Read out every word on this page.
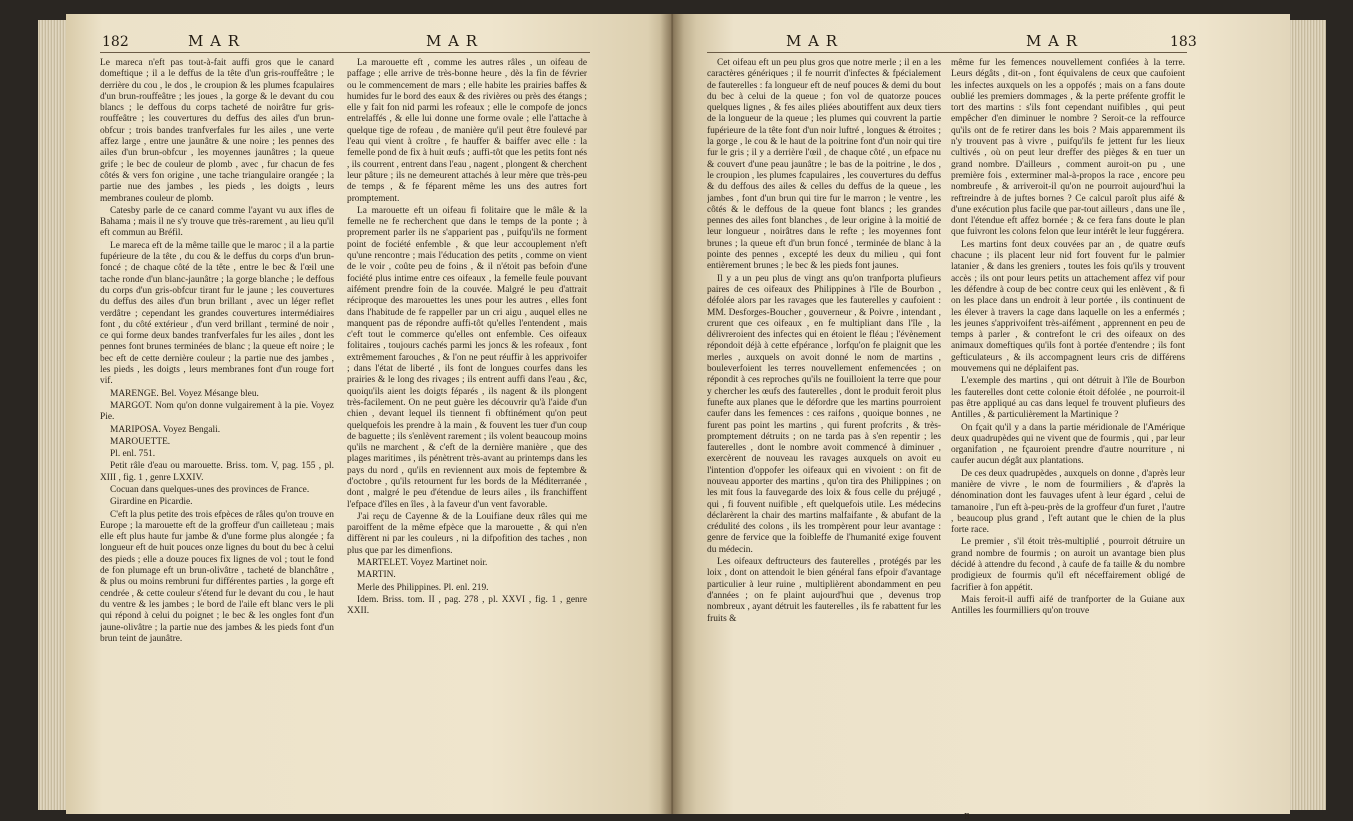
182	M A R	M A R	M A R	M A R	183

Le mareca n'eft pas tout-à-fait auffi gros que le canard domeftique ; il a le deffus de la tête d'un gris-rouffeâtre ; le derrière du cou , le dos , le croupion & les plumes fcapulaires d'un brun-rouffeâtre ; les joues , la gorge & le devant du cou blancs ; le deffous du corps tacheté de noirâtre fur gris-rouffeâtre ; les couvertures du deffus des ailes d'un brun-obfcur ; trois bandes tranfverfales fur les ailes , une verte affez large , entre une jaunâtre & une noire ; les pennes des ailes d'un brun-obfcur , les moyennes jaunâtres ; la queue grife ; le bec de couleur de plomb , avec , fur chacun de fes côtés & vers fon origine , une tache triangulaire orangée ; la partie nue des jambes , les pieds , les doigts , leurs membranes couleur de plomb.

Catesby parle de ce canard comme l'ayant vu aux ifles de Bahama ; mais il ne s'y trouve que très-rarement , au lieu qu'il eft commun au Bréfil.

Le mareca eft de la même taille que le maroc ; il a la partie fupérieure de la tête , du cou & le deffus du corps d'un brun-foncé ; de chaque côté de la tête , entre le bec & l'œil une tache ronde d'un blanc-jaunâtre ; la gorge blanche ; le deffous du corps d'un gris-obfcur tirant fur le jaune ; les couvertures du deffus des ailes d'un brun brillant , avec un léger reflet verdâtre ; cependant les grandes couvertures intermédiaires font , du côté extérieur , d'un verd brillant , terminé de noir , ce qui forme deux bandes tranfverfales fur les ailes , dont les pennes font brunes terminées de blanc ; la queue eft noire ; le bec eft de cette dernière couleur ; la partie nue des jambes , les pieds , les doigts , leurs membranes font d'un rouge fort vif.

MARENGE. Bel. Voyez Mésange bleu.

MARGOT. Nom qu'on donne vulgairement à la pie. Voyez Pie.

MARIPOSA. Voyez Bengali.

MAROUETTE.

Pl. enl. 751.

Petit râle d'eau ou marouette. Briss. tom. V, pag. 155 , pl. XIII , fig. 1 , genre LXXIV.

Cocuan dans quelques-unes des provinces de France.

Girardine en Picardie.

C'eft la plus petite des trois efpèces de râles qu'on trouve en Europe ; la marouette eft de la groffeur d'un cailleteau ; mais elle eft plus haute fur jambe & d'une forme plus alongée ; fa longueur eft de huit pouces onze lignes du bout du bec à celui des pieds ; elle a douze pouces fix lignes de vol ; tout le fond de fon plumage eft un brun-olivâtre , tacheté de blanchâtre , & plus ou moins rembruni fur différentes parties , la gorge eft cendrée , & cette couleur s'étend fur le devant du cou , le haut du ventre & les jambes ; le bord de l'aile eft blanc vers le pli qui répond à celui du poignet ; le bec & les ongles font d'un jaune-olivâtre ; la partie nue des jambes & les pieds font d'un brun teint de jaunâtre.

La marouette eft , comme les autres râles , un oifeau de paffage ; elle arrive de très-bonne heure , dès la fin de février ou le commencement de mars ; elle habite les prairies baffes & humides fur le bord des eaux & des rivières ou près des étangs ; elle y fait fon nid parmi les rofeaux ; elle le compofe de joncs entrelaffés , & elle lui donne une forme ovale ; elle l'attache à quelque tige de rofeau , de manière qu'il peut être foulevé par l'eau qui vient à croître , fe hauffer & baiffer avec elle : la femelle pond de fix à huit œufs ; auffi-tôt que les petits font nés , ils courrent , entrent dans l'eau , nagent , plongent & cherchent leur pâture ; ils ne demeurent attachés à leur mère que très-peu de temps , & fe féparent même les uns des autres fort promptement.

La marouette eft un oifeau fi folitaire que le mâle & la femelle ne fe recherchent que dans le temps de la ponte ; à proprement parler ils ne s'apparient pas , puifqu'ils ne forment point de fociété enfemble , & que leur accouplement n'eft qu'une rencontre ; mais l'éducation des petits , comme on vient de le voir , coûte peu de foins , & il n'étoit pas befoin d'une fociété plus intime entre ces oifeaux , la femelle feule pouvant aifément prendre foin de la couvée. Malgré le peu d'attrait réciproque des marouettes les unes pour les autres , elles font dans l'habitude de fe rappeller par un cri aigu , auquel elles ne manquent pas de répondre auffi-tôt qu'elles l'entendent , mais c'eft tout le commerce qu'elles ont enfemble. Ces oifeaux folitaires , toujours cachés parmi les joncs & les rofeaux , font extrêmement farouches , & l'on ne peut réuffir à les apprivoifer ; dans l'état de liberté , ils font de longues courfes dans les prairies & le long des rivages ; ils entrent auffi dans l'eau , &c, quoiqu'ils aient les doigts féparés , ils nagent & ils plongent très-facilement. On ne peut guère les découvrir qu'à l'aide d'un chien , devant lequel ils tiennent fi obftinément qu'on peut quelquefois les prendre à la main , & fouvent les tuer d'un coup de baguette ; ils s'enlèvent rarement ; ils volent beaucoup moins qu'ils ne marchent , & c'eft de la dernière manière , que des plages maritimes , ils pénètrent très-avant au printemps dans les pays du nord , qu'ils en reviennent aux mois de feptembre & d'octobre , qu'ils retournent fur les bords de la Méditerranée , dont , malgré le peu d'étendue de leurs ailes , ils franchiffent l'efpace d'îles en îles , à la faveur d'un vent favorable.

J'ai reçu de Cayenne & de la Louifiane deux râles qui me paroiffent de la même efpèce que la marouette , & qui n'en diffèrent ni par les couleurs , ni la difpofition des taches , non plus que par les dimenfions.

MARTELET. Voyez Martinet noir.

MARTIN.

Merle des Philippines. Pl. enl. 219.

Idem. Briss. tom. II , pag. 278 , pl. XXVI , fig. 1 , genre XXII.

Cet oifeau eft un peu plus gros que notre merle ; il en a les caractères génériques ; il fe nourrit d'infectes & fpécialement de fauterelles : fa longueur eft de neuf pouces & demi du bout du bec à celui de la queue ; fon vol de quatorze pouces quelques lignes , & fes ailes pliées aboutiffent aux deux tiers de la longueur de la queue ; les plumes qui couvrent la partie fupérieure de la tête font d'un noir luftré , longues & étroites ; la gorge , le cou & le haut de la poitrine font d'un noir qui tire fur le gris ; il y a derrière l'œil , de chaque côté , un efpace nu & couvert d'une peau jaunâtre ; le bas de la poitrine , le dos , le croupion , les plumes fcapulaires , les couvertures du deffus & du deffous des ailes & celles du deffus de la queue , les jambes , font d'un brun qui tire fur le marron ; le ventre , les côtés & le deffous de la queue font blancs ; les grandes pennes des ailes font blanches , de leur origine à la moitié de leur longueur , noirâtres dans le refte ; les moyennes font brunes ; la queue eft d'un brun foncé , terminée de blanc à la pointe des pennes , excepté les deux du milieu , qui font entièrement brunes ; le bec & les pieds font jaunes.

Il y a un peu plus de vingt ans qu'on tranfporta plufieurs paires de ces oifeaux des Philippines à l'île de Bourbon , défolée alors par les ravages que les fauterelles y caufoient : MM. Desforges-Boucher , gouverneur , & Poivre , intendant , crurent que ces oifeaux , en fe multipliant dans l'île , la délivreroient des infectes qui en étoient le fléau ; l'évènement répondoit déjà à cette efpérance , lorfqu'on fe plaignit que les merles , auxquels on avoit donné le nom de martins , bouleverfoient les terres nouvellement enfemencées ; on répondit à ces reproches qu'ils ne fouilloient la terre que pour y chercher les œufs des fauterelles , dont le produit feroit plus funefte aux planes que le défordre que les martins pourroient caufer dans les femences : ces raifons , quoique bonnes , ne furent pas point les martins , qui furent profcrits , & très-promptement détruits ; on ne tarda pas à s'en repentir ; les fauterelles , dont le nombre avoit commencé à diminuer , exercèrent de nouveau les ravages auxquels on avoit eu l'intention d'oppofer les oifeaux qui en vivoient : on fit de nouveau apporter des martins , qu'on tira des Philippines ; on les mit fous la fauvegarde des loix & fous celle du préjugé , qui , fi fouvent nuifible , eft quelquefois utile. Les médecins déclarèrent la chair des martins malfaifante , & abufant de la crédulité des colons , ils les trompèrent pour leur avantage : genre de fervice que la foibleffe de l'humanité exige fouvent du médecin.

Les oifeaux deftructeurs des fauterelles , protégés par les loix , dont on attendoit le bien général fans efpoir d'avantage particulier à leur ruine , multiplièrent abondamment en peu d'années ; on fe plaint aujourd'hui que , devenus trop nombreux , ayant détruit les fauterelles , ils fe rabattent fur les fruits &

même fur les femences nouvellement confiées à la terre. Leurs dégâts , dit-on , font équivalens de ceux que caufoient les infectes auxquels on les a oppofés ; mais on a fans doute oublié les premiers dommages , & la perte préfente groffit le tort des martins : s'ils font cependant nuifibles , qui peut empêcher d'en diminuer le nombre ? Seroit-ce la reffource qu'ils ont de fe retirer dans les bois ? Mais apparemment ils n'y trouvent pas à vivre , puifqu'ils fe jettent fur les lieux cultivés , où on peut leur dreffer des pièges & en tuer un grand nombre. D'ailleurs , comment auroit-on pu , une première fois , exterminer mal-à-propos la race , encore peu nombreufe , & arriveroit-il qu'on ne pourroit aujourd'hui la reftreindre à de juftes bornes ? Ce calcul paroît plus aifé & d'une exécution plus facile que par-tout ailleurs , dans une île , dont l'étendue eft affez bornée ; & ce fera fans doute le plan que fuivront les colons felon que leur intérêt le leur fuggérera.

Les martins font deux couvées par an , de quatre œufs chacune ; ils placent leur nid fort fouvent fur le palmier latanier , & dans les greniers , toutes les fois qu'ils y trouvent accès ; ils ont pour leurs petits un attachement affez vif pour les défendre à coup de bec contre ceux qui les enlèvent , & fi on les place dans un endroit à leur portée , ils continuent de les élever à travers la cage dans laquelle on les a enfermés ; les jeunes s'apprivoifent très-aifément , apprennent en peu de temps à parler , & contrefont le cri des oifeaux on des animaux domeftiques qu'ils font à portée d'entendre ; ils font gefticulateurs , & ils accompagnent leurs cris de différens mouvemens qui ne déplaifent pas.

L'exemple des martins , qui ont détruit à l'île de Bourbon les fauterelles dont cette colonie étoit défolée , ne pourroit-il pas être appliqué au cas dans lequel fe trouvent plufieurs des Antilles , & particulièrement la Martinique ?

On fçait qu'il y a dans la partie méridionale de l'Amérique deux quadrupèdes qui ne vivent que de fourmis , qui , par leur organifation , ne fçauroient prendre d'autre nourriture , ni caufer aucun dégât aux plantations.

De ces deux quadrupèdes , auxquels on donne , d'après leur manière de vivre , le nom de fourmiliers , & d'après la dénomination dont les fauvages ufent à leur égard , celui de tamanoire , l'un eft à-peu-près de la groffeur d'un furet , l'autre , beaucoup plus grand , l'eft autant que le chien de la plus forte race.

Le premier , s'il étoit très-multiplié , pourroit détruire un grand nombre de fourmis ; on auroit un avantage bien plus décidé à attendre du fecond , à caufe de fa taille & du nombre prodigieux de fourmis qu'il eft néceffairement obligé de facrifier à fon appétit.

Mais feroit-il auffi aifé de tranfporter de la Guiane aux Antilles les fourmilliers qu'on trouve

B
